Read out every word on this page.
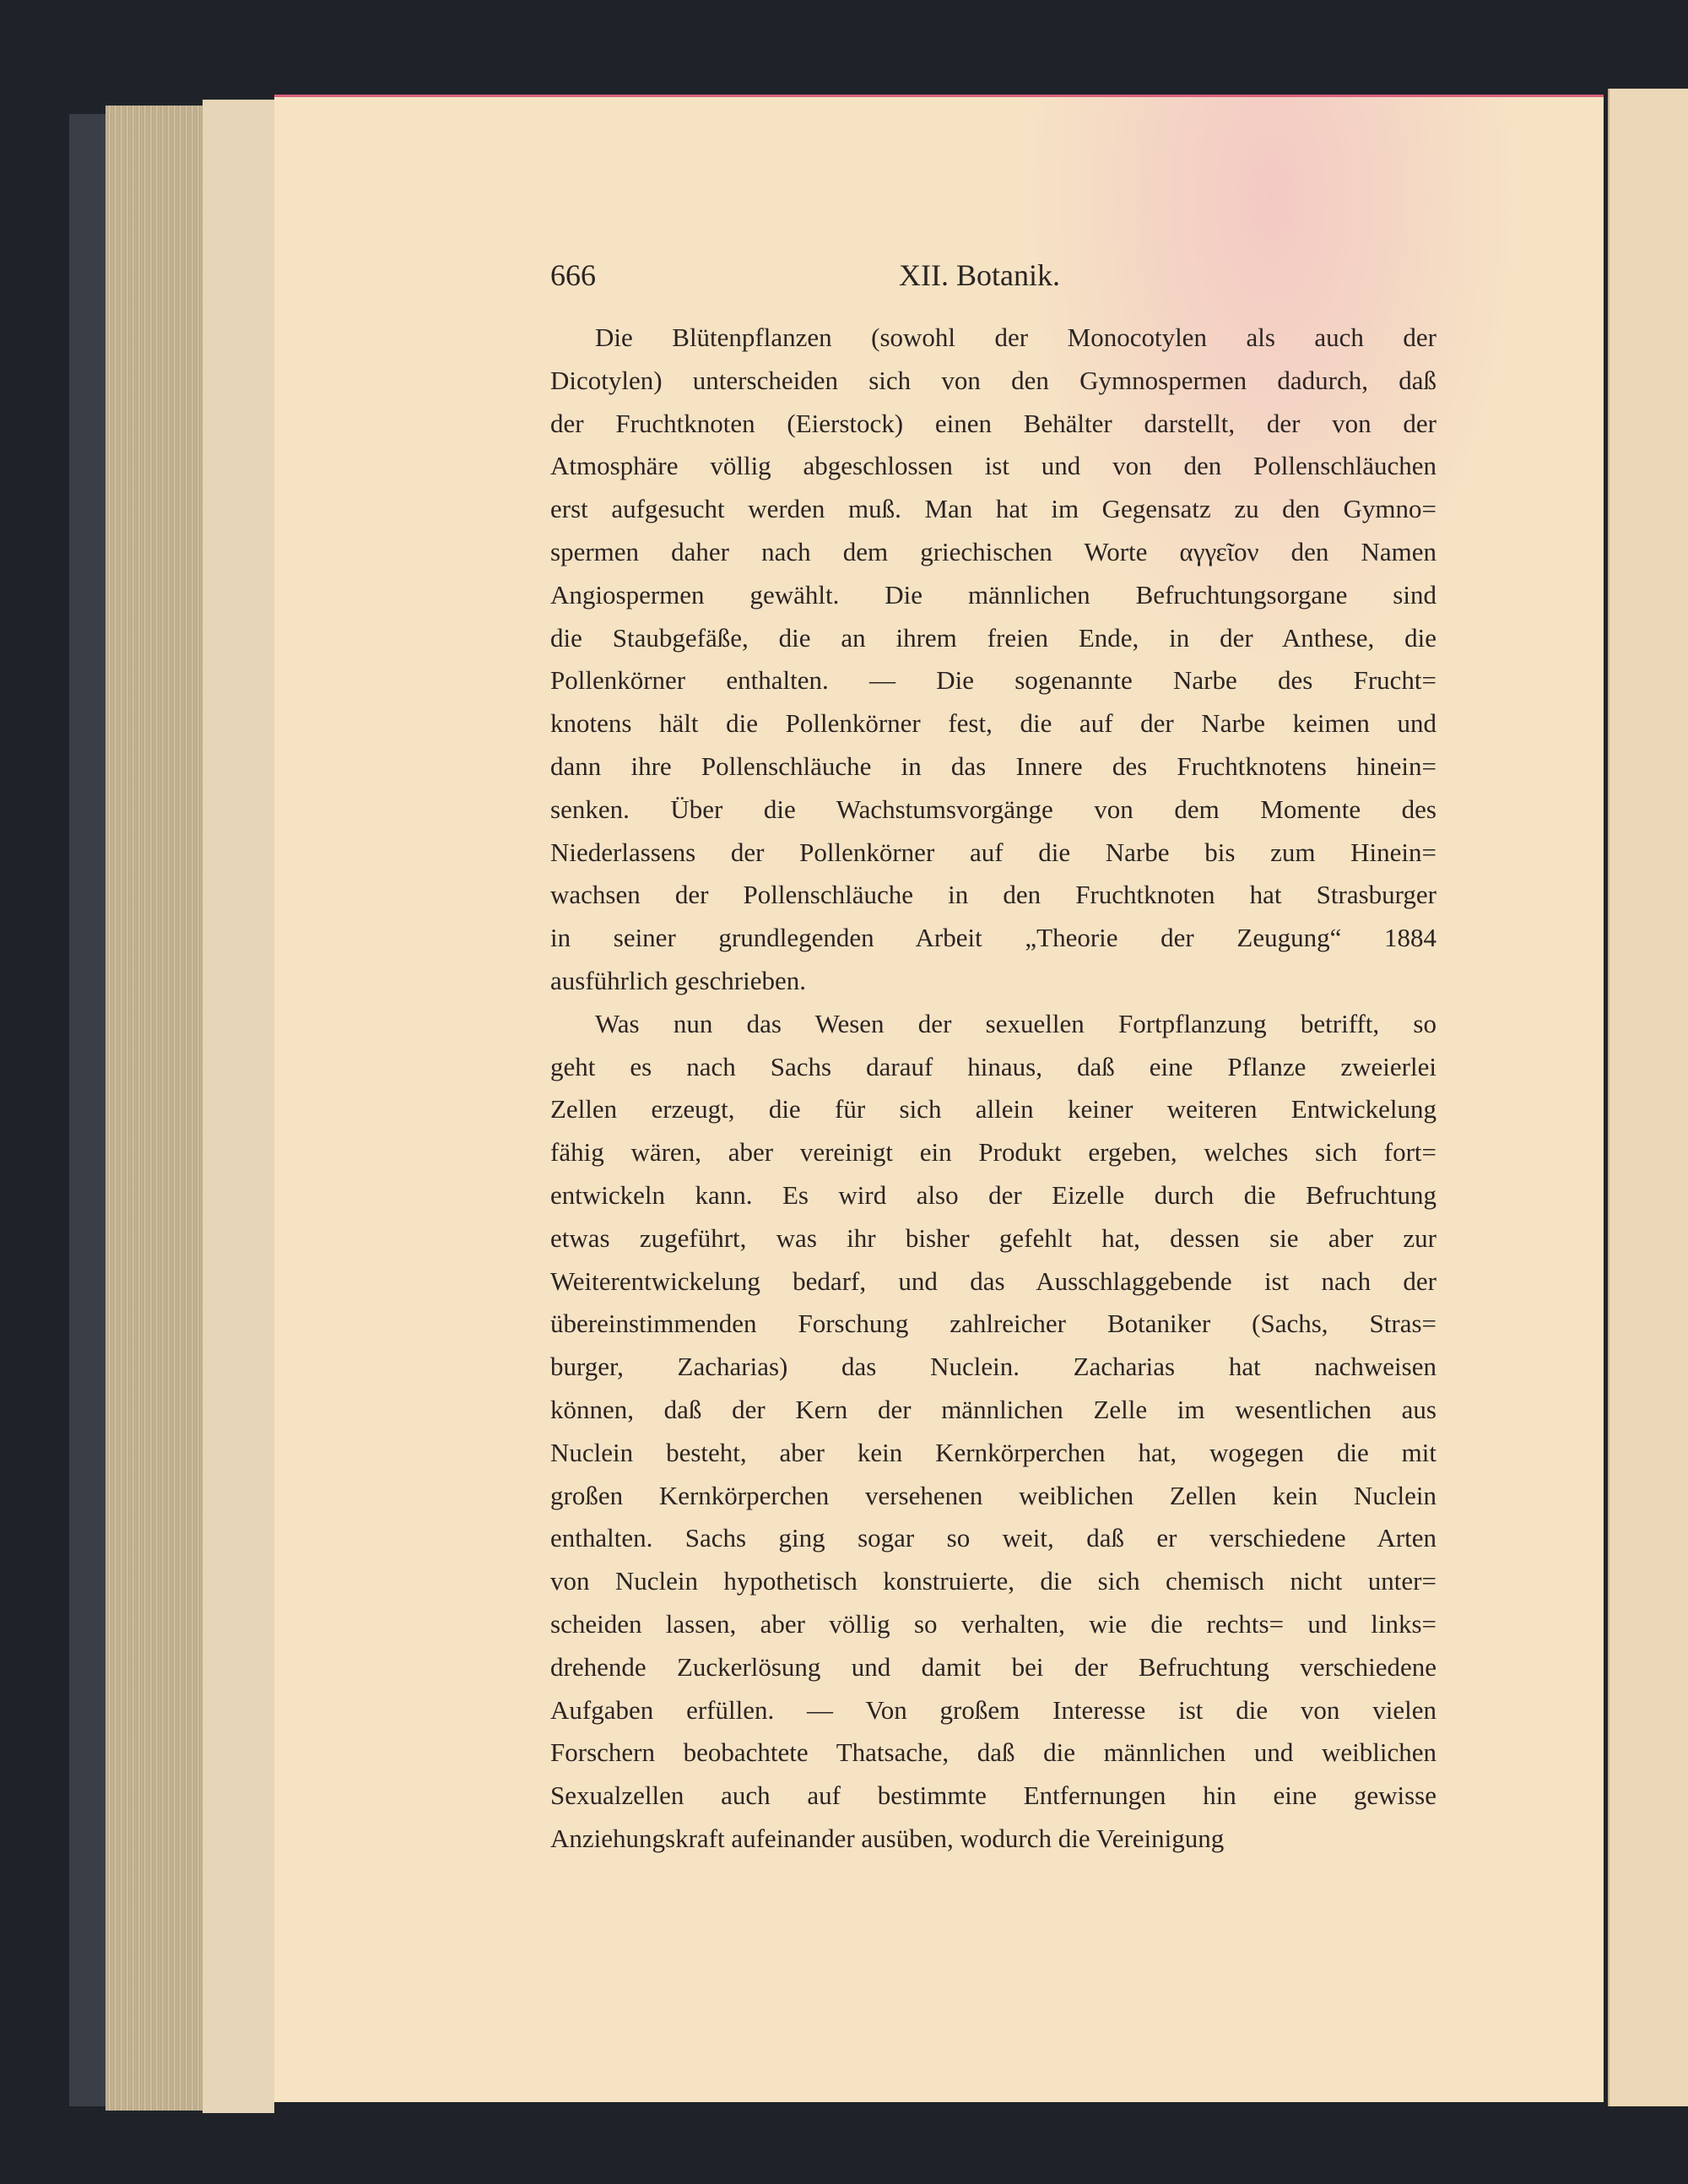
666	XII. Botanik.
Die Blütenpflanzen (sowohl der Monocotylen als auch der
Dicotylen) unterscheiden sich von den Gymnospermen dadurch, daß
der Fruchtknoten (Eierstock) einen Behälter darstellt, der von der
Atmosphäre völlig abgeschlossen ist und von den Pollenschläuchen
erst aufgesucht werden muß. Man hat im Gegensatz zu den Gymno=
spermen daher nach dem griechischen Worte αγγεῖον den Namen
Angiospermen gewählt. Die männlichen Befruchtungsorgane sind
die Staubgefäße, die an ihrem freien Ende, in der Anthese, die
Pollenkörner enthalten. — Die sogenannte Narbe des Frucht=
knotens hält die Pollenkörner fest, die auf der Narbe keimen und
dann ihre Pollenschläuche in das Innere des Fruchtknotens hinein=
senken. Über die Wachstumsvorgänge von dem Momente des
Niederlassens der Pollenkörner auf die Narbe bis zum Hinein=
wachsen der Pollenschläuche in den Fruchtknoten hat Strasburger
in seiner grundlegenden Arbeit „Theorie der Zeugung“ 1884
ausführlich geschrieben.
Was nun das Wesen der sexuellen Fortpflanzung betrifft, so
geht es nach Sachs darauf hinaus, daß eine Pflanze zweierlei
Zellen erzeugt, die für sich allein keiner weiteren Entwickelung
fähig wären, aber vereinigt ein Produkt ergeben, welches sich fort=
entwickeln kann. Es wird also der Eizelle durch die Befruchtung
etwas zugeführt, was ihr bisher gefehlt hat, dessen sie aber zur
Weiterentwickelung bedarf, und das Ausschlaggebende ist nach der
übereinstimmenden Forschung zahlreicher Botaniker (Sachs, Stras=
burger, Zacharias) das Nuclein. Zacharias hat nachweisen
können, daß der Kern der männlichen Zelle im wesentlichen aus
Nuclein besteht, aber kein Kernkörperchen hat, wogegen die mit
großen Kernkörperchen versehenen weiblichen Zellen kein Nuclein
enthalten. Sachs ging sogar so weit, daß er verschiedene Arten
von Nuclein hypothetisch konstruierte, die sich chemisch nicht unter=
scheiden lassen, aber völlig so verhalten, wie die rechts= und links=
drehende Zuckerlösung und damit bei der Befruchtung verschiedene
Aufgaben erfüllen. — Von großem Interesse ist die von vielen
Forschern beobachtete Thatsache, daß die männlichen und weiblichen
Sexualzellen auch auf bestimmte Entfernungen hin eine gewisse
Anziehungskraft aufeinander ausüben, wodurch die Vereinigung
